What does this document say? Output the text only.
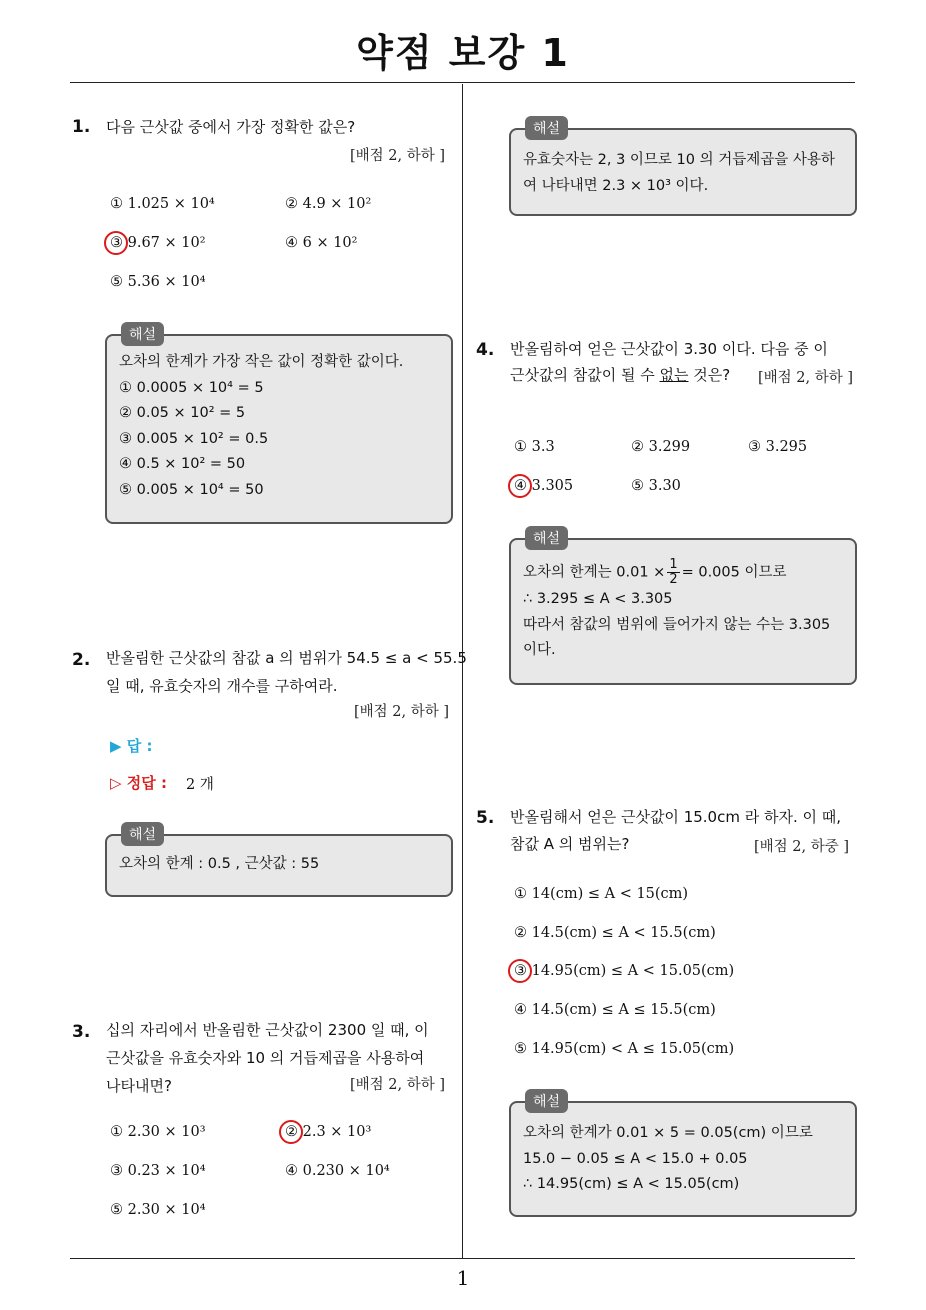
약점 보강 1
1
1. 다음 근삿값 중에서 가장 정확한 값은?
[배점 2, 하하 ]
① 1.025 × 10⁴	② 4.9 × 10²
③ 9.67 × 10²	④ 6 × 10²
⑤ 5.36 × 10⁴
해설
오차의 한계가 가장 작은 값이 정확한 값이다.
① 0.0005 × 10⁴ = 5
② 0.05 × 10² = 5
③ 0.005 × 10² = 0.5
④ 0.5 × 10² = 50
⑤ 0.005 × 10⁴ = 50
2. 반올림한 근삿값의 참값 a 의 범위가 54.5 ≤ a < 55.5
일 때, 유효숫자의 개수를 구하여라.
[배점 2, 하하 ]
▶ 답 :
▷ 정답 : 2 개
해설
오차의 한계 : 0.5 , 근삿값 : 55
3. 십의 자리에서 반올림한 근삿값이 2300 일 때, 이
근삿값을 유효숫자와 10 의 거듭제곱을 사용하여
나타내면?	[배점 2, 하하 ]
① 2.30 × 10³	② 2.3 × 10³
③ 0.23 × 10⁴	④ 0.230 × 10⁴
⑤ 2.30 × 10⁴
해설
유효숫자는 2, 3 이므로 10 의 거듭제곱을 사용하
여 나타내면 2.3 × 10³ 이다.
4. 반올림하여 얻은 근삿값이 3.30 이다. 다음 중 이
근삿값의 참값이 될 수 없는 것은? [배점 2, 하하 ]
① 3.3	② 3.299	③ 3.295
④ 3.305	⑤ 3.30
해설
오차의 한계는 $0.01 \times \frac{1}{2} = 0.005$ 이므로
∴ 3.295 ≤ A < 3.305
따라서 참값의 범위에 들어가지 않는 수는 3.305
이다.
5. 반올림해서 얻은 근삿값이 15.0cm 라 하자. 이 때,
참값 A 의 범위는?	[배점 2, 하중 ]
① 14(cm) ≤ A < 15(cm)
② 14.5(cm) ≤ A < 15.5(cm)
③ 14.95(cm) ≤ A < 15.05(cm)
④ 14.5(cm) ≤ A ≤ 15.5(cm)
⑤ 14.95(cm) < A ≤ 15.05(cm)
해설
오차의 한계가 0.01 × 5 = 0.05(cm) 이므로
15.0 − 0.05 ≤ A < 15.0 + 0.05
∴ 14.95(cm) ≤ A < 15.05(cm)
